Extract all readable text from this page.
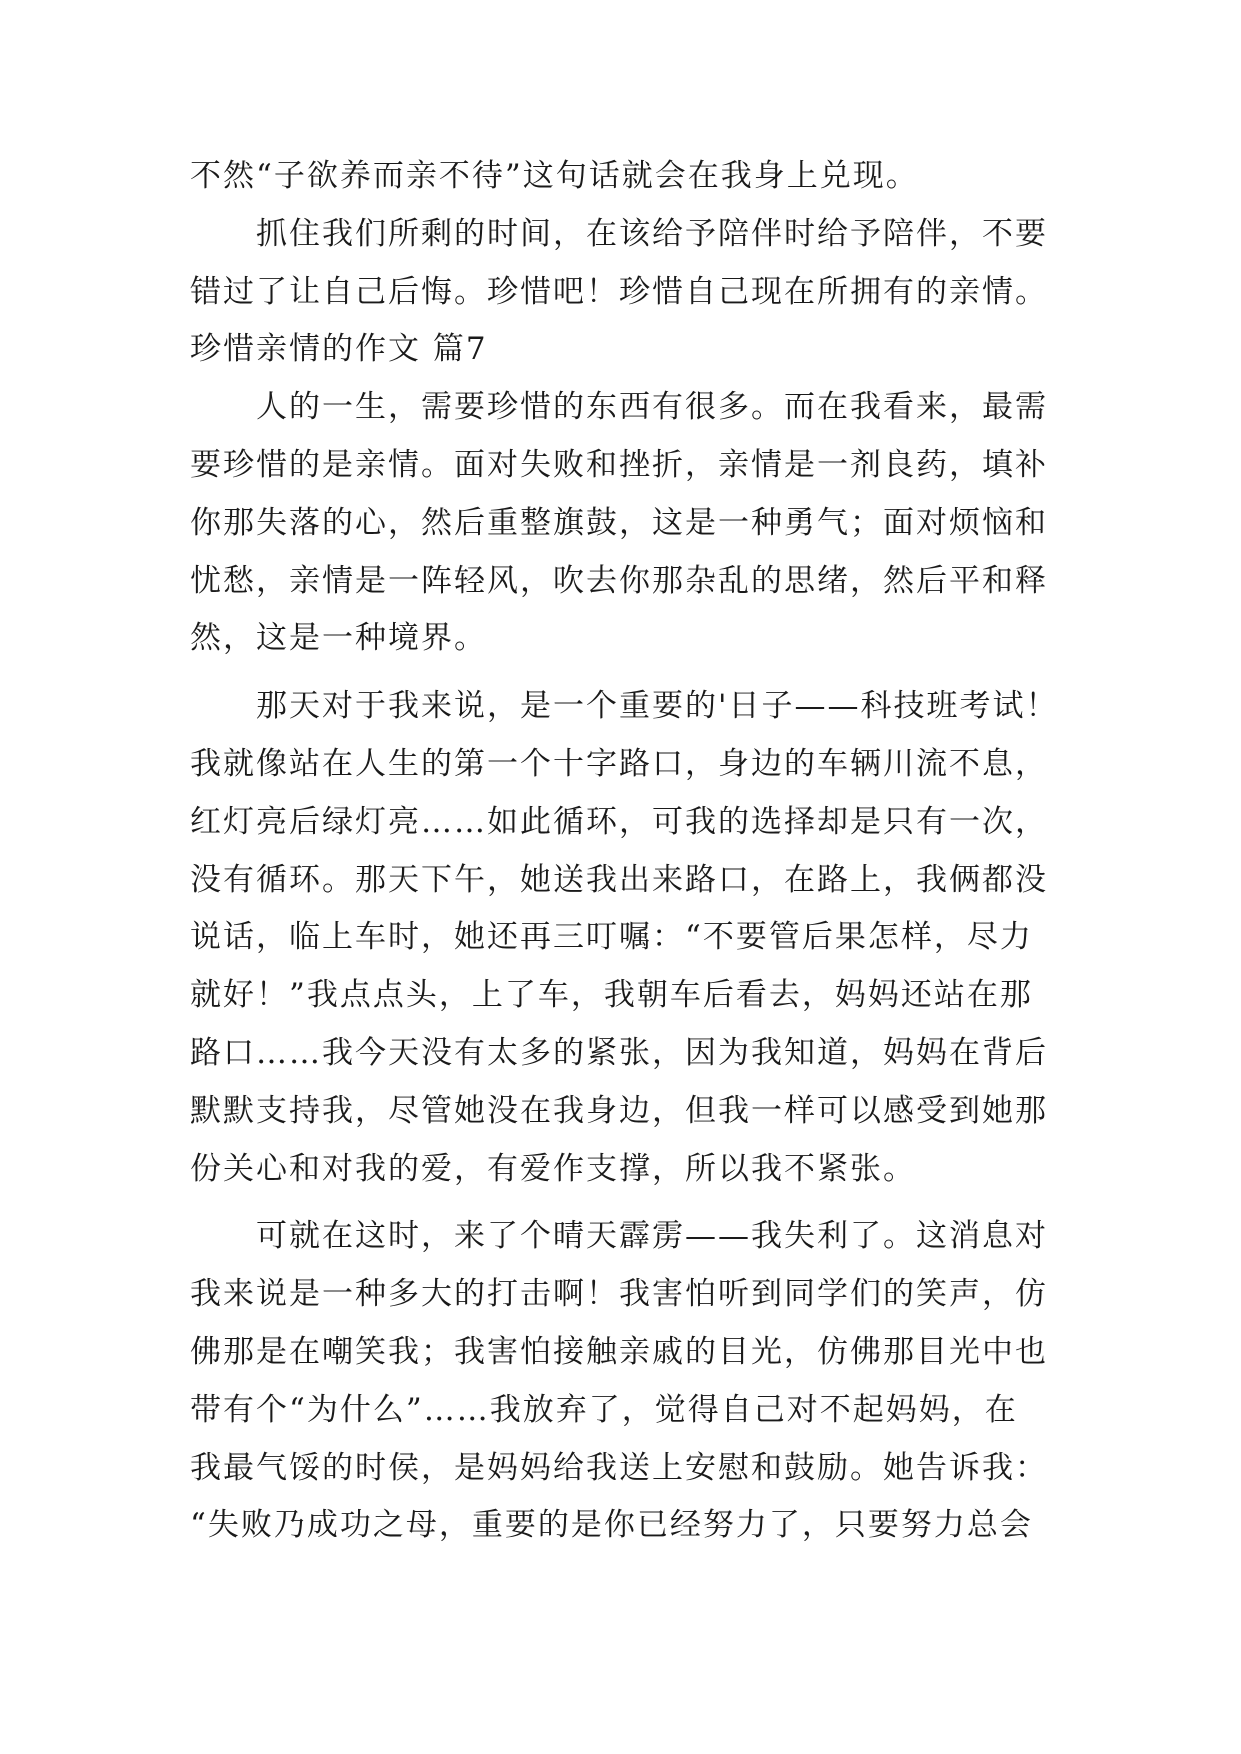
不然“子欲养而亲不待”这句话就会在我身上兑现。
抓住我们所剩的时间，在该给予陪伴时给予陪伴，不要
错过了让自己后悔。珍惜吧！珍惜自己现在所拥有的亲情。
珍惜亲情的作文 篇7
人的一生，需要珍惜的东西有很多。而在我看来，最需
要珍惜的是亲情。面对失败和挫折，亲情是一剂良药，填补
你那失落的心，然后重整旗鼓，这是一种勇气；面对烦恼和
忧愁，亲情是一阵轻风，吹去你那杂乱的思绪，然后平和释
然，这是一种境界。
那天对于我来说，是一个重要的'日子——科技班考试！
我就像站在人生的第一个十字路口，身边的车辆川流不息，
红灯亮后绿灯亮……如此循环，可我的选择却是只有一次，
没有循环。那天下午，她送我出来路口，在路上，我俩都没
说话，临上车时，她还再三叮嘱：“不要管后果怎样，尽力
就好！”我点点头，上了车，我朝车后看去，妈妈还站在那
路口……我今天没有太多的紧张，因为我知道，妈妈在背后
默默支持我，尽管她没在我身边，但我一样可以感受到她那
份关心和对我的爱，有爱作支撑，所以我不紧张。
可就在这时，来了个晴天霹雳——我失利了。这消息对
我来说是一种多大的打击啊！我害怕听到同学们的笑声，仿
佛那是在嘲笑我；我害怕接触亲戚的目光，仿佛那目光中也
带有个“为什么”……我放弃了，觉得自己对不起妈妈，在
我最气馁的时侯，是妈妈给我送上安慰和鼓励。她告诉我：
“失败乃成功之母，重要的是你已经努力了，只要努力总会
